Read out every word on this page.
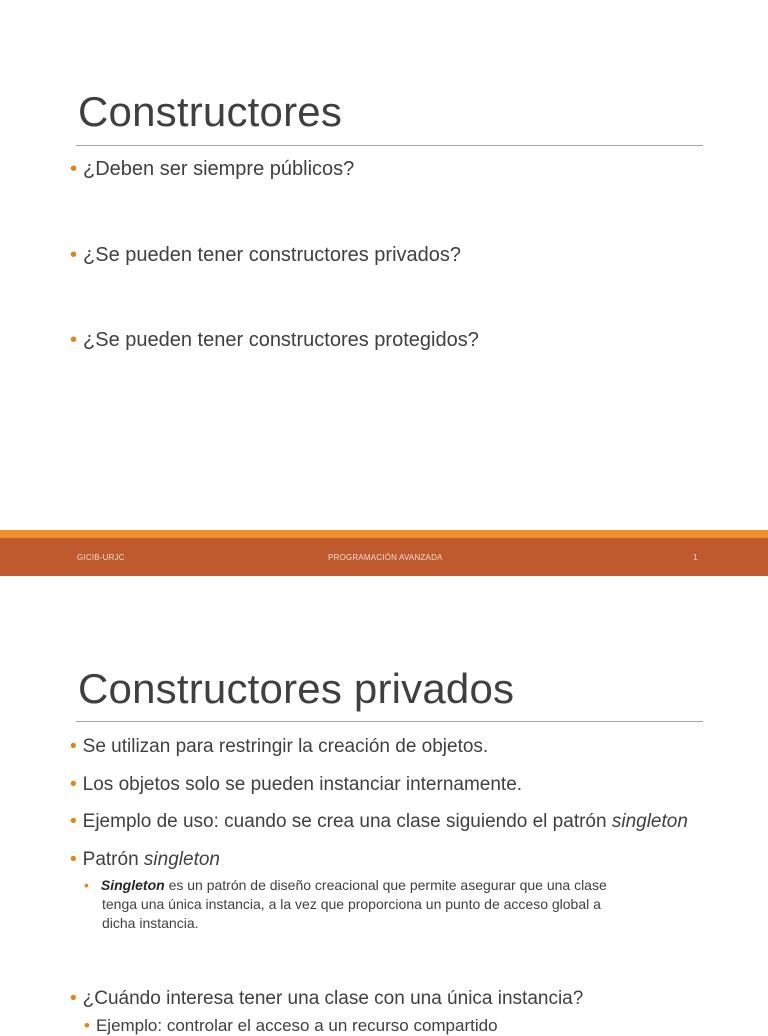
Constructores

• ¿Deben ser siempre públicos?

• ¿Se pueden tener constructores privados?

• ¿Se pueden tener constructores protegidos?

GICIB-URJC	PROGRAMACIÓN AVANZADA	1
Constructores privados

• Se utilizan para restringir la creación de objetos.

• Los objetos solo se pueden instanciar internamente.

• Ejemplo de uso: cuando se crea una clase siguiendo el patrón singleton

• Patrón singleton

• Singleton es un patrón de diseño creacional que permite asegurar que una clase
tenga una única instancia, a la vez que proporciona un punto de acceso global a
dicha instancia.

• ¿Cuándo interesa tener una clase con una única instancia?

• Ejemplo: controlar el acceso a un recurso compartido
